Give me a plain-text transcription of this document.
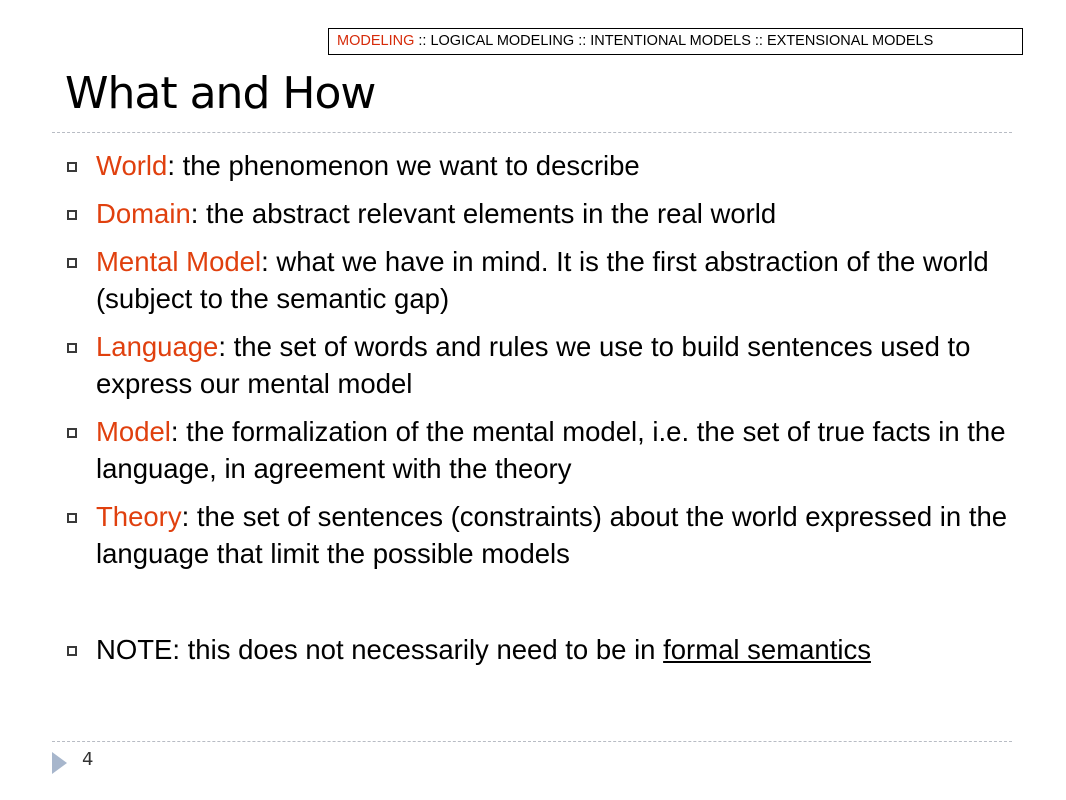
MODELING :: LOGICAL MODELING :: INTENTIONAL MODELS :: EXTENSIONAL MODELS
What and How
World: the phenomenon we want to describe
Domain: the abstract relevant elements in the real world
Mental Model: what we have in mind. It is the first abstraction of the world (subject to the semantic gap)
Language: the set of words and rules we use to build sentences used to express our mental model
Model: the formalization of the mental model, i.e. the set of true facts in the language, in agreement with the theory
Theory: the set of sentences (constraints) about the world expressed in the language that limit the possible models
NOTE: this does not necessarily need to be in formal semantics
4
